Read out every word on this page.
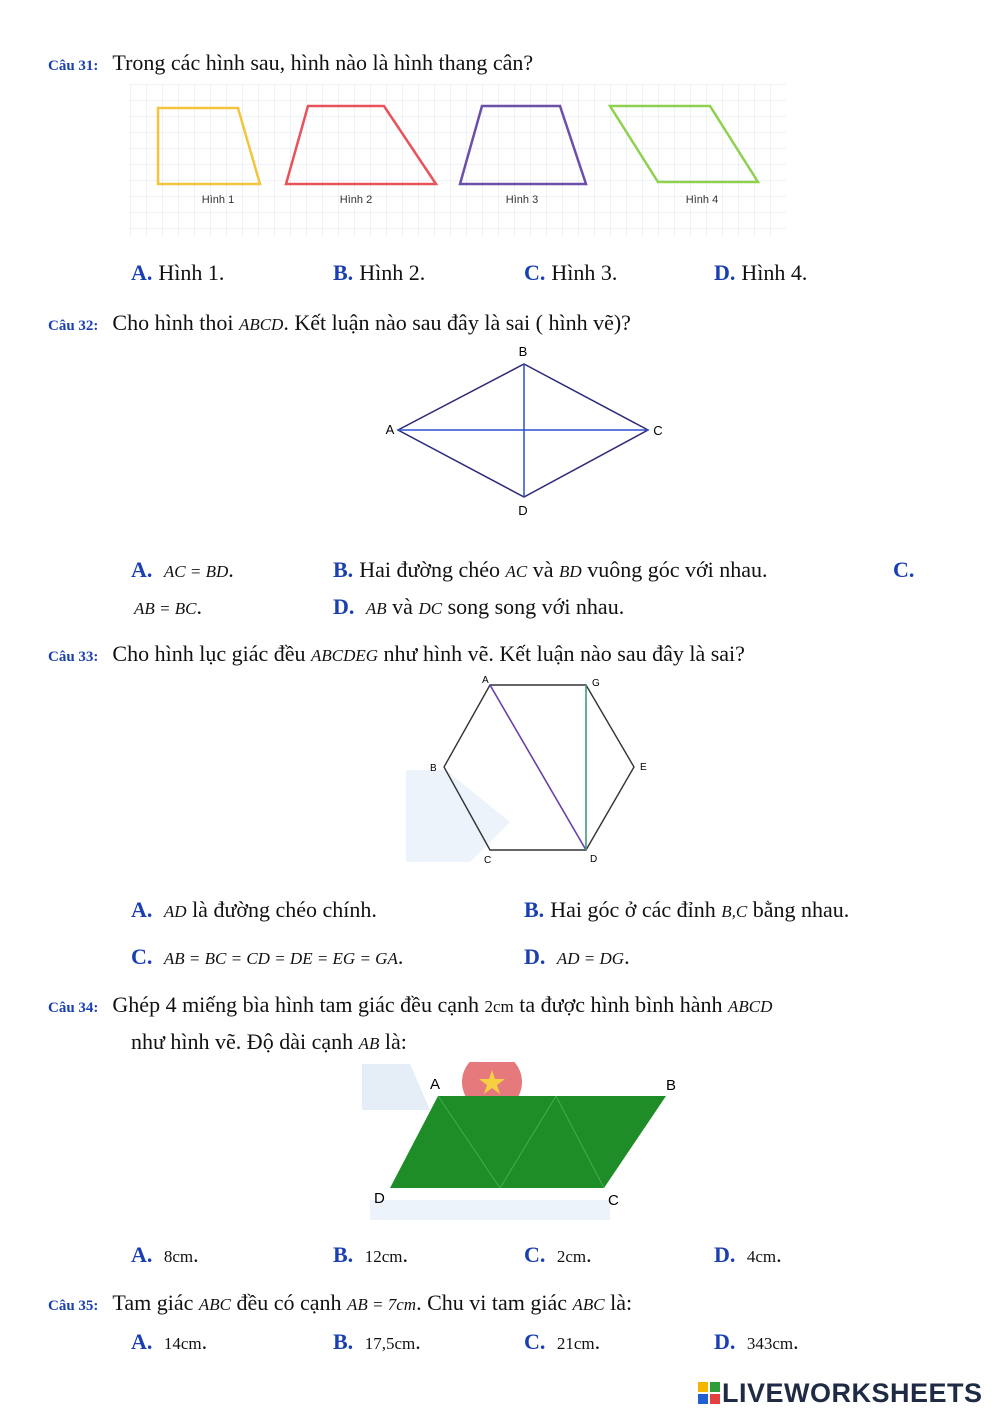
Câu 31: Trong các hình sau, hình nào là hình thang cân?
Hình 1	Hình 2	Hình 3	Hình 4
A. Hình 1.	B. Hình 2.	C. Hình 3.	D. Hình 4.
Câu 32: Cho hình thoi ABCD. Kết luận nào sau đây là sai ( hình vẽ)?
B
A	C
D
A. AC = BD.	B. Hai đường chéo AC và BD vuông góc với nhau.	C.
AB = BC.	D. AB và DC song song với nhau.
Câu 33: Cho hình lục giác đều ABCDEG như hình vẽ. Kết luận nào sau đây là sai?
A	G
B	E
C	D
A. AD là đường chéo chính.	B. Hai góc ở các đỉnh B,C bằng nhau.
C. AB = BC = CD = DE = EG = GA.	D. AD = DG.
Câu 34: Ghép 4 miếng bìa hình tam giác đều cạnh 2cm ta được hình bình hành ABCD
như hình vẽ. Độ dài cạnh AB là:
A	B
D	C
A. 8cm.	B. 12cm.	C. 2cm.	D. 4cm.
Câu 35: Tam giác ABC đều có cạnh AB = 7cm. Chu vi tam giác ABC là:
A. 14cm.	B. 17,5cm.	C. 21cm.	D. 343cm.
LIVEWORKSHEETS
